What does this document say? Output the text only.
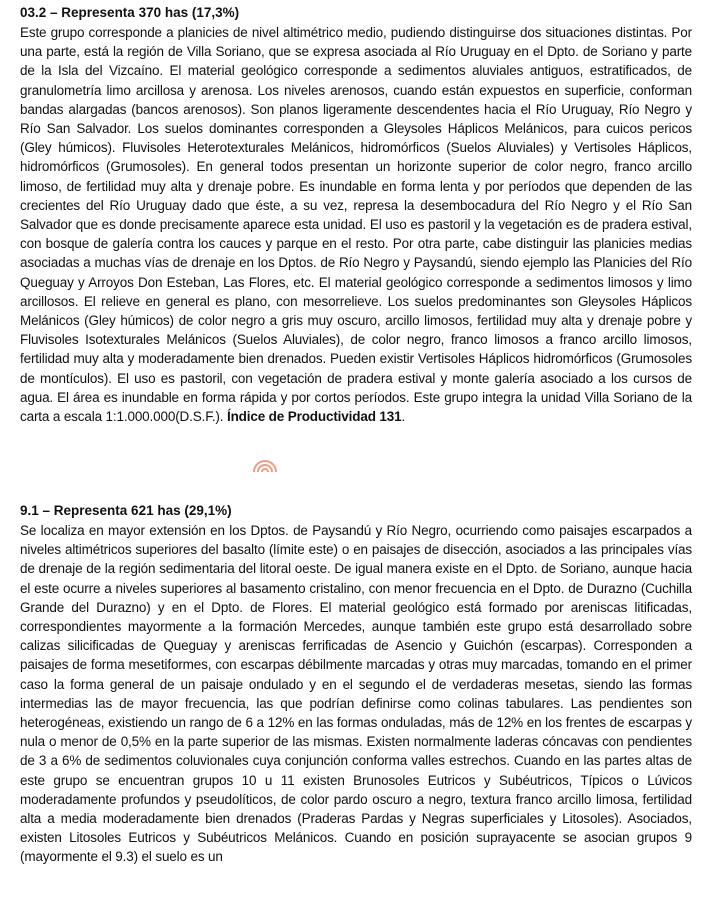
03.2 – Representa 370 has (17,3%)

Este grupo corresponde a planicies de nivel altimétrico medio, pudiendo distinguirse dos situaciones distintas. Por una parte, está la región de Villa Soriano, que se expresa asociada al Río Uruguay en el Dpto. de Soriano y parte de la Isla del Vizcaíno. El material geológico corresponde a sedimentos aluviales antiguos, estratificados, de granulometría limo arcillosa y arenosa. Los niveles arenosos, cuando están expuestos en superficie, conforman bandas alargadas (bancos arenosos). Son planos ligeramente descendentes hacia el Río Uruguay, Río Negro y Río San Salvador. Los suelos dominantes corresponden a Gleysoles Háplicos Melánicos, para cuicos pericos (Gley húmicos). Fluvisoles Heterotexturales Melánicos, hidromórficos (Suelos Aluviales) y Vertisoles Háplicos, hidromórficos (Grumosoles). En general todos presentan un horizonte superior de color negro, franco arcillo limoso, de fertilidad muy alta y drenaje pobre. Es inundable en forma lenta y por períodos que dependen de las crecientes del Río Uruguay dado que éste, a su vez, represa la desembocadura del Río Negro y el Río San Salvador que es donde precisamente aparece esta unidad. El uso es pastoril y la vegetación es de pradera estival, con bosque de galería contra los cauces y parque en el resto. Por otra parte, cabe distinguir las planicies medias asociadas a muchas vías de drenaje en los Dptos. de Río Negro y Paysandú, siendo ejemplo las Planicies del Río Queguay y Arroyos Don Esteban, Las Flores, etc. El material geológico corresponde a sedimentos limosos y limo arcillosos. El relieve en general es plano, con mesorrelieve. Los suelos predominantes son Gleysoles Háplicos Melánicos (Gley húmicos) de color negro a gris muy oscuro, arcillo limosos, fertilidad muy alta y drenaje pobre y Fluvisoles Isotexturales Melánicos (Suelos Aluviales), de color negro, franco limosos a franco arcillo limosos, fertilidad muy alta y moderadamente bien drenados. Pueden existir Vertisoles Háplicos hidromórficos (Grumosoles de montículos). El uso es pastoril, con vegetación de pradera estival y monte galería asociado a los cursos de agua. El área es inundable en forma rápida y por cortos períodos. Este grupo integra la unidad Villa Soriano de la carta a escala 1:1.000.000(D.S.F.). Índice de Productividad 131.

9.1 – Representa 621 has (29,1%)

Se localiza en mayor extensión en los Dptos. de Paysandú y Río Negro, ocurriendo como paisajes escarpados a niveles altimétricos superiores del basalto (límite este) o en paisajes de disección, asociados a las principales vías de drenaje de la región sedimentaria del litoral oeste. De igual manera existe en el Dpto. de Soriano, aunque hacia el este ocurre a niveles superiores al basamento cristalino, con menor frecuencia en el Dpto. de Durazno (Cuchilla Grande del Durazno) y en el Dpto. de Flores. El material geológico está formado por areniscas litificadas, correspondientes mayormente a la formación Mercedes, aunque también este grupo está desarrollado sobre calizas silicificadas de Queguay y areniscas ferrificadas de Asencio y Guichón (escarpas). Corresponden a paisajes de forma mesetiformes, con escarpas débilmente marcadas y otras muy marcadas, tomando en el primer caso la forma general de un paisaje ondulado y en el segundo el de verdaderas mesetas, siendo las formas intermedias las de mayor frecuencia, las que podrían definirse como colinas tabulares. Las pendientes son heterogéneas, existiendo un rango de 6 a 12% en las formas onduladas, más de 12% en los frentes de escarpas y nula o menor de 0,5% en la parte superior de las mismas. Existen normalmente laderas cóncavas con pendientes de 3 a 6% de sedimentos coluvionales cuya conjunción conforma valles estrechos. Cuando en las partes altas de este grupo se encuentran grupos 10 u 11 existen Brunosoles Eutricos y Subéutricos, Típicos o Lúvicos moderadamente profundos y pseudolíticos, de color pardo oscuro a negro, textura franco arcillo limosa, fertilidad alta a media moderadamente bien drenados (Praderas Pardas y Negras superficiales y Litosoles). Asociados, existen Litosoles Eutricos y Subéutricos Melánicos. Cuando en posición suprayacente se asocian grupos 9 (mayormente el 9.3) el suelo es un
